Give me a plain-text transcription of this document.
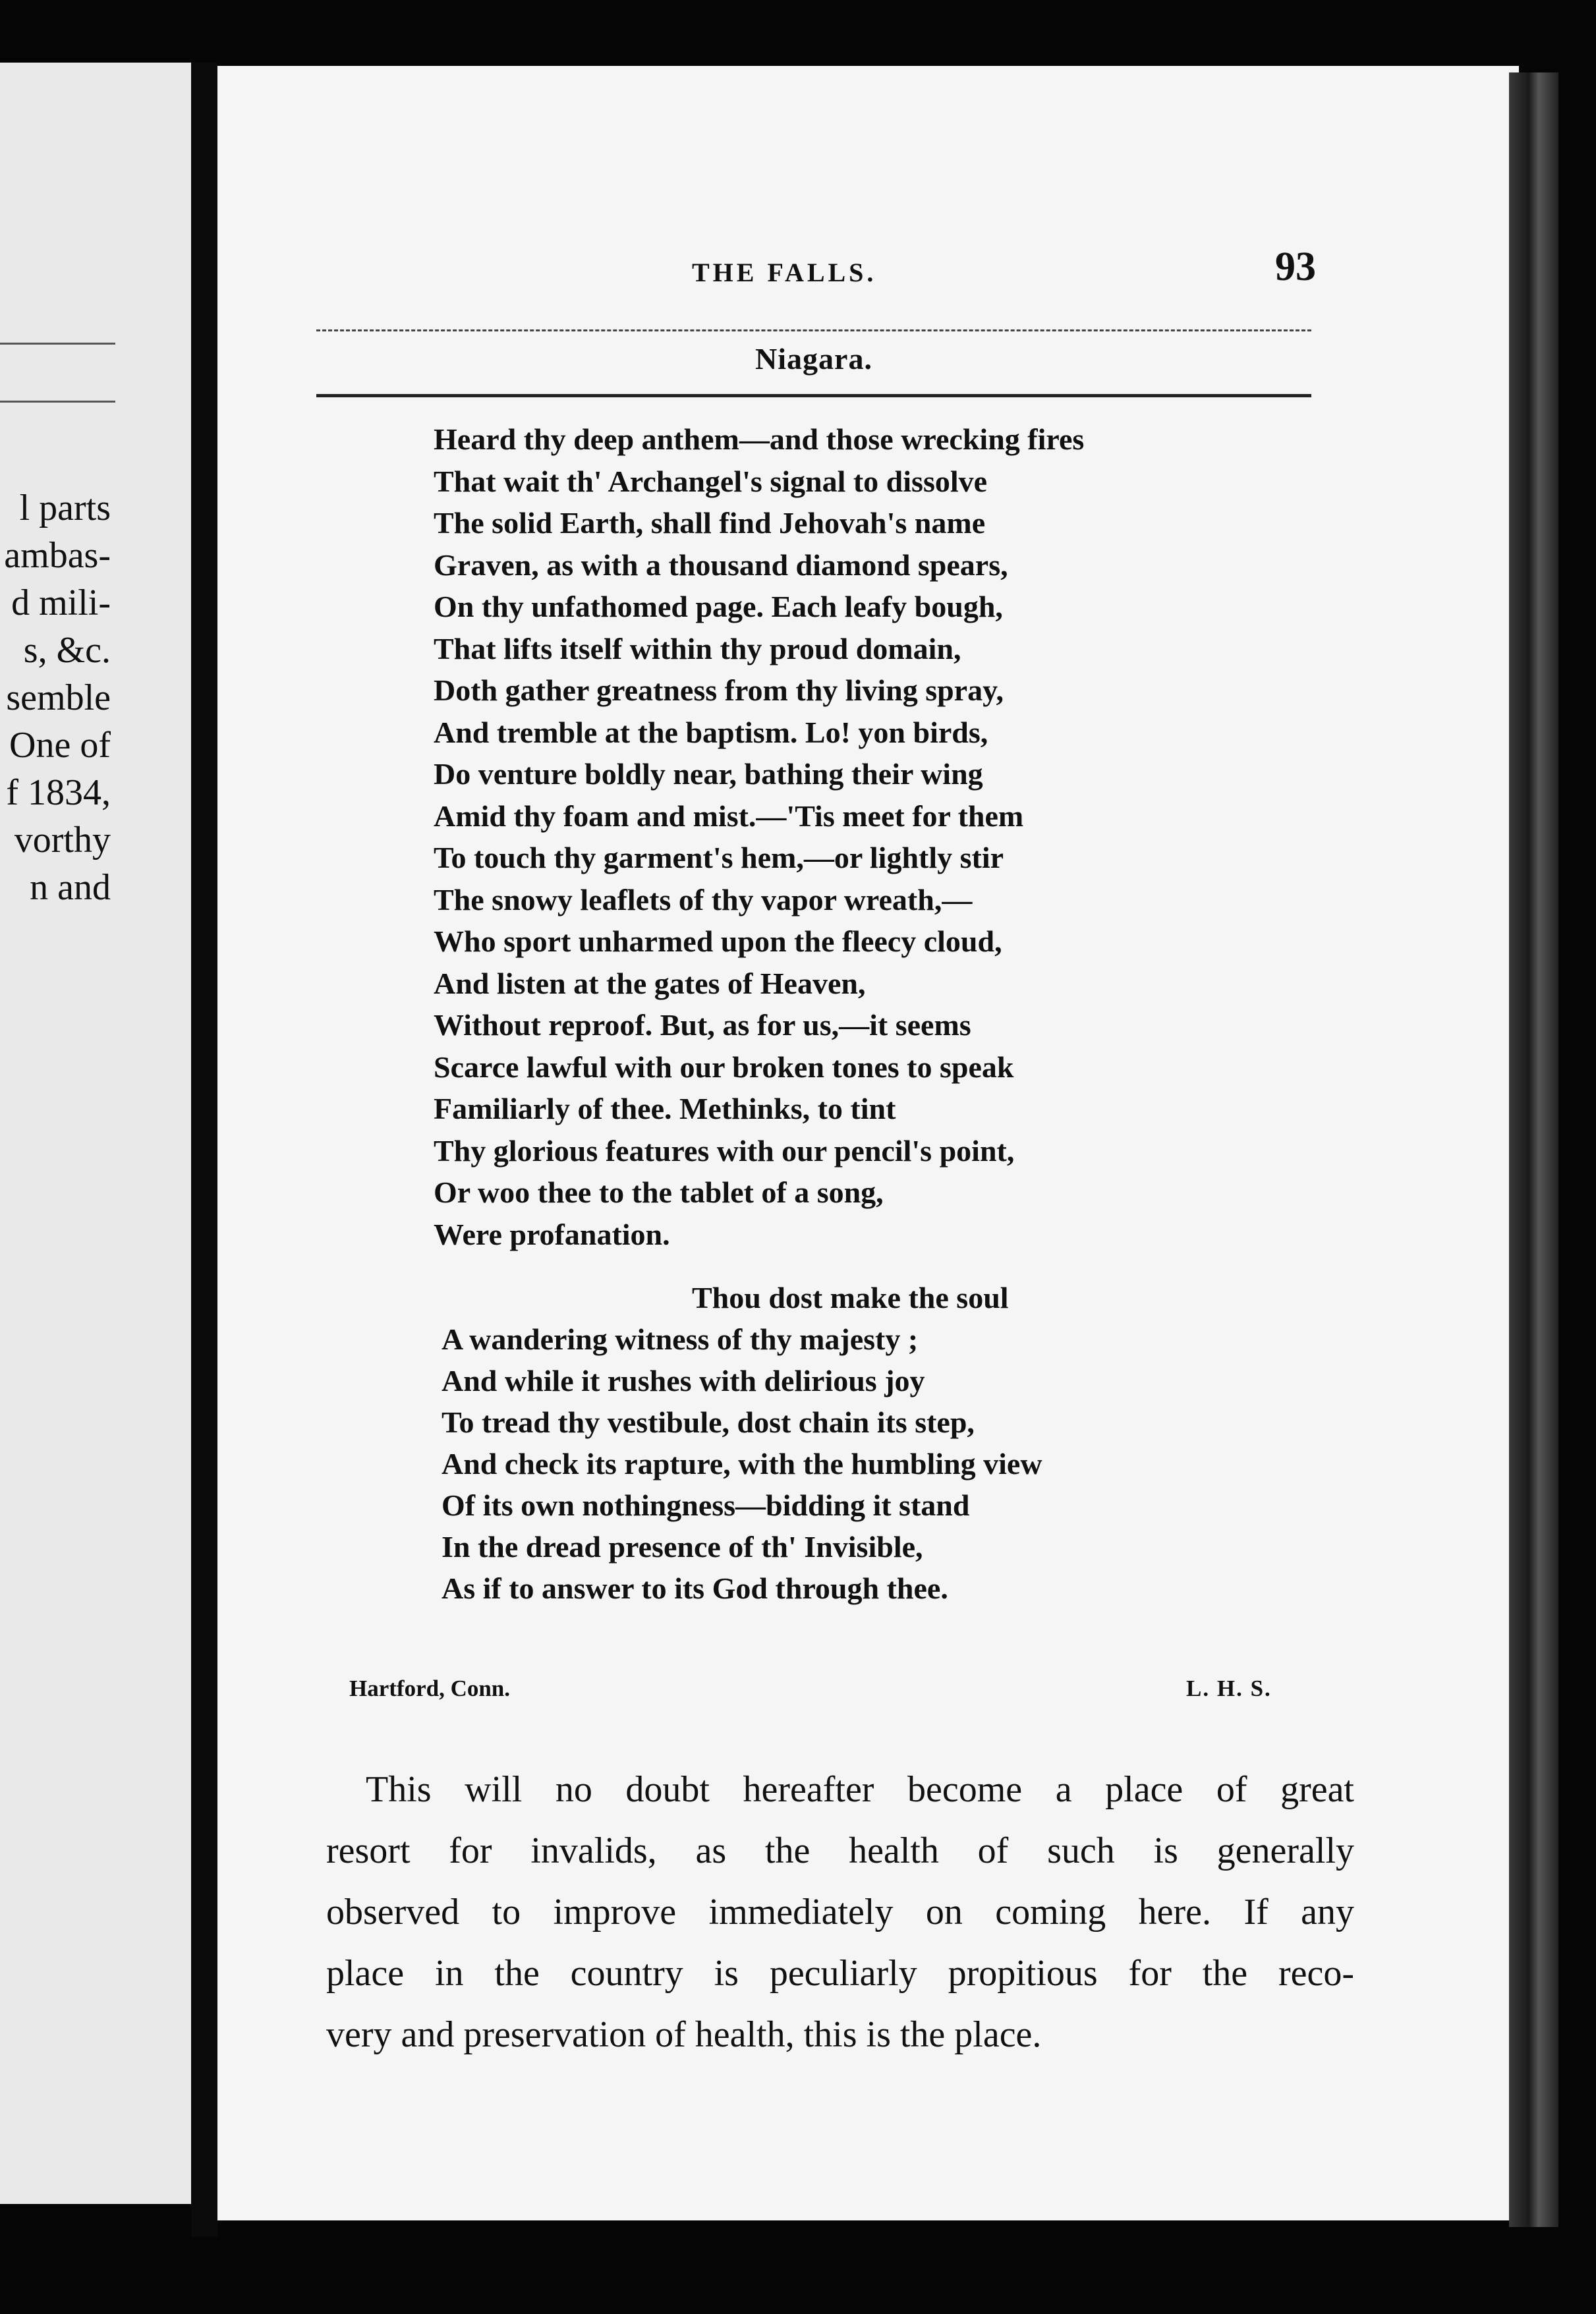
l parts
ambas-
d mili-
s, &c.
semble
One of
f 1834,
vorthy
n and
THE FALLS.	93
Niagara.
Heard thy deep anthem—and those wrecking fires
That wait th' Archangel's signal to dissolve
The solid Earth, shall find Jehovah's name
Graven, as with a thousand diamond spears,
On thy unfathomed page. Each leafy bough,
That lifts itself within thy proud domain,
Doth gather greatness from thy living spray,
And tremble at the baptism. Lo! yon birds,
Do venture boldly near, bathing their wing
Amid thy foam and mist.—'Tis meet for them
To touch thy garment's hem,—or lightly stir
The snowy leaflets of thy vapor wreath,—
Who sport unharmed upon the fleecy cloud,
And listen at the gates of Heaven,
Without reproof. But, as for us,—it seems
Scarce lawful with our broken tones to speak
Familiarly of thee. Methinks, to tint
Thy glorious features with our pencil's point,
Or woo thee to the tablet of a song,
Were profanation.
Thou dost make the soul
A wandering witness of thy majesty ;
And while it rushes with delirious joy
To tread thy vestibule, dost chain its step,
And check its rapture, with the humbling view
Of its own nothingness—bidding it stand
In the dread presence of th' Invisible,
As if to answer to its God through thee.
Hartford, Conn.	L. H. S.
This will no doubt hereafter become a place of great
resort for invalids, as the health of such is generally
observed to improve immediately on coming here. If any
place in the country is peculiarly propitious for the reco-
very and preservation of health, this is the place.
